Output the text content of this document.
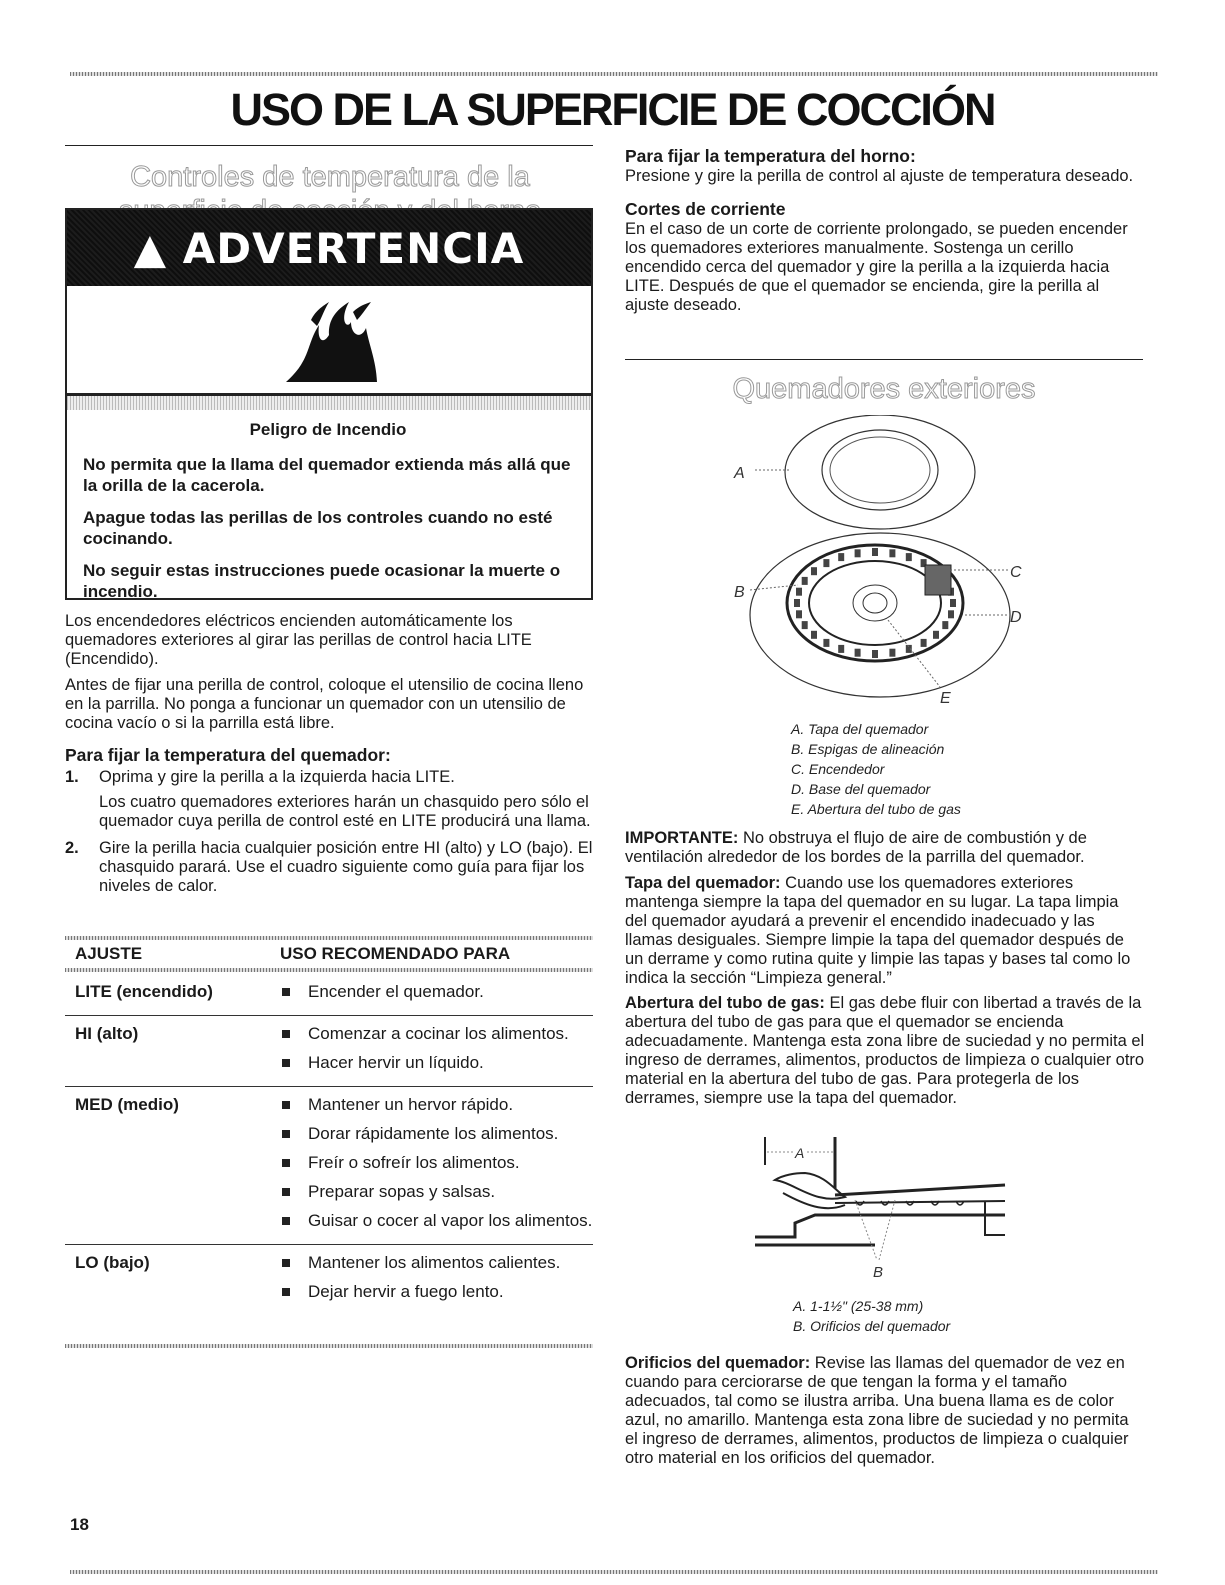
USO DE LA SUPERFICIE DE COCCIÓN
Controles de temperatura de la
▲ ADVERTENCIA

Peligro de Incendio

No permita que la llama del quemador extienda más allá que la orilla de la cacerola.

Apague todas las perillas de los controles cuando no esté cocinando.

No seguir estas instrucciones puede ocasionar la muerte o incendio.

Los encendedores eléctricos encienden automáticamente los quemadores exteriores al girar las perillas de control hacia LITE (Encendido).

Antes de fijar una perilla de control, coloque el utensilio de cocina lleno en la parrilla. No ponga a funcionar un quemador con un utensilio de cocina vacío o si la parrilla está libre.

Para fijar la temperatura del quemador:

1.	Oprima y gire la perilla a la izquierda hacia LITE.

Los cuatro quemadores exteriores harán un chasquido pero sólo el quemador cuya perilla de control esté en LITE producirá una llama.

2.	Gire la perilla hacia cualquier posición entre HI (alto) y LO (bajo). El chasquido parará. Use el cuadro siguiente como guía para fijar los niveles de calor.

AJUSTE	USO RECOMENDADO PARA
LITE (encendido)	Encender el quemador.
HI (alto)	Comenzar a cocinar los alimentos.
Hacer hervir un líquido.
MED (medio)	Mantener un hervor rápido.
Dorar rápidamente los alimentos.
Freír o sofreír los alimentos.
Preparar sopas y salsas.
Guisar o cocer al vapor los alimentos.
LO (bajo)	Mantener los alimentos calientes.
Dejar hervir a fuego lento.

Para fijar la temperatura del horno:

Presione y gire la perilla de control al ajuste de temperatura deseado.

Cortes de corriente

En el caso de un corte de corriente prolongado, se pueden encender los quemadores exteriores manualmente. Sostenga un cerillo encendido cerca del quemador y gire la perilla a la izquierda hacia LITE. Después de que el quemador se encienda, gire la perilla al ajuste deseado.

Quemadores exteriores
A
B
C
D
E
A. Tapa del quemador
B. Espigas de alineación
C. Encendedor
D. Base del quemador
E. Abertura del tubo de gas

IMPORTANTE: No obstruya el flujo de aire de combustión y de ventilación alrededor de los bordes de la parrilla del quemador.

Tapa del quemador: Cuando use los quemadores exteriores mantenga siempre la tapa del quemador en su lugar. La tapa limpia del quemador ayudará a prevenir el encendido inadecuado y las llamas desiguales. Siempre limpie la tapa del quemador después de un derrame y como rutina quite y limpie las tapas y bases tal como lo indica la sección “Limpieza general.”

Abertura del tubo de gas: El gas debe fluir con libertad a través de la abertura del tubo de gas para que el quemador se encienda adecuadamente. Mantenga esta zona libre de suciedad y no permita el ingreso de derrames, alimentos, productos de limpieza o cualquier otro material en la abertura del tubo de gas. Para protegerla de los derrames, siempre use la tapa del quemador.

A
B
A. 1-1½" (25-38 mm)
B. Orificios del quemador

Orificios del quemador: Revise las llamas del quemador de vez en cuando para cerciorarse de que tengan la forma y el tamaño adecuados, tal como se ilustra arriba. Una buena llama es de color azul, no amarillo. Mantenga esta zona libre de suciedad y no permita el ingreso de derrames, alimentos, productos de limpieza o cualquier otro material en los orificios del quemador.

18
